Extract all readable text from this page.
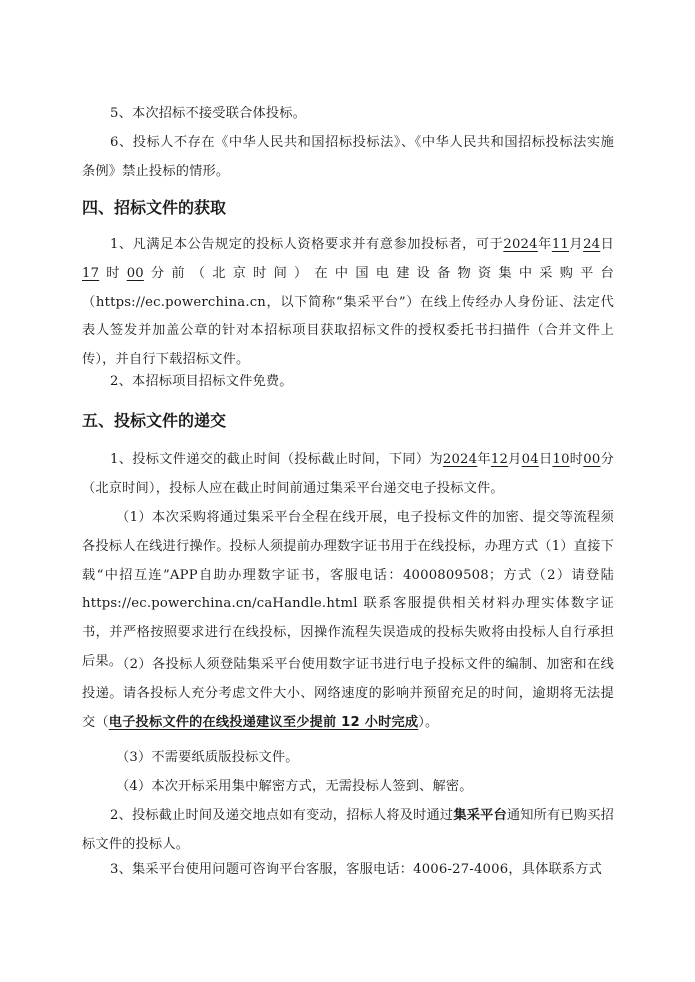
5、本次招标不接受联合体投标。

6、投标人不存在《中华人民共和国招标投标法》、《中华人民共和国招标投标法实施条例》禁止投标的情形。

四、招标文件的获取

1、凡满足本公告规定的投标人资格要求并有意参加投标者，可于2024年11月24日17时00分前（北京时间）在中国电建设备物资集中采购平台（https://ec.powerchina.cn，以下简称“集采平台”）在线上传经办人身份证、法定代表人签发并加盖公章的针对本招标项目获取招标文件的授权委托书扫描件（合并文件上传），并自行下载招标文件。

2、本招标项目招标文件免费。

五、投标文件的递交

1、投标文件递交的截止时间（投标截止时间，下同）为2024年12月04日10时00分（北京时间），投标人应在截止时间前通过集采平台递交电子投标文件。

（1）本次采购将通过集采平台全程在线开展，电子投标文件的加密、提交等流程须各投标人在线进行操作。投标人须提前办理数字证书用于在线投标，办理方式（1）直接下载“中招互连”APP自助办理数字证书，客服电话：4000809508；方式（2）请登陆 https://ec.powerchina.cn/caHandle.html 联系客服提供相关材料办理实体数字证书，并严格按照要求进行在线投标，因操作流程失误造成的投标失败将由投标人自行承担后果。

（2）各投标人须登陆集采平台使用数字证书进行电子投标文件的编制、加密和在线投递。请各投标人充分考虑文件大小、网络速度的影响并预留充足的时间，逾期将无法提交（电子投标文件的在线投递建议至少提前 12 小时完成）。

（3）不需要纸质版投标文件。

（4）本次开标采用集中解密方式，无需投标人签到、解密。

2、投标截止时间及递交地点如有变动，招标人将及时通过集采平台通知所有已购买招标文件的投标人。

3、集采平台使用问题可咨询平台客服，客服电话：4006-27-4006，具体联系方式
